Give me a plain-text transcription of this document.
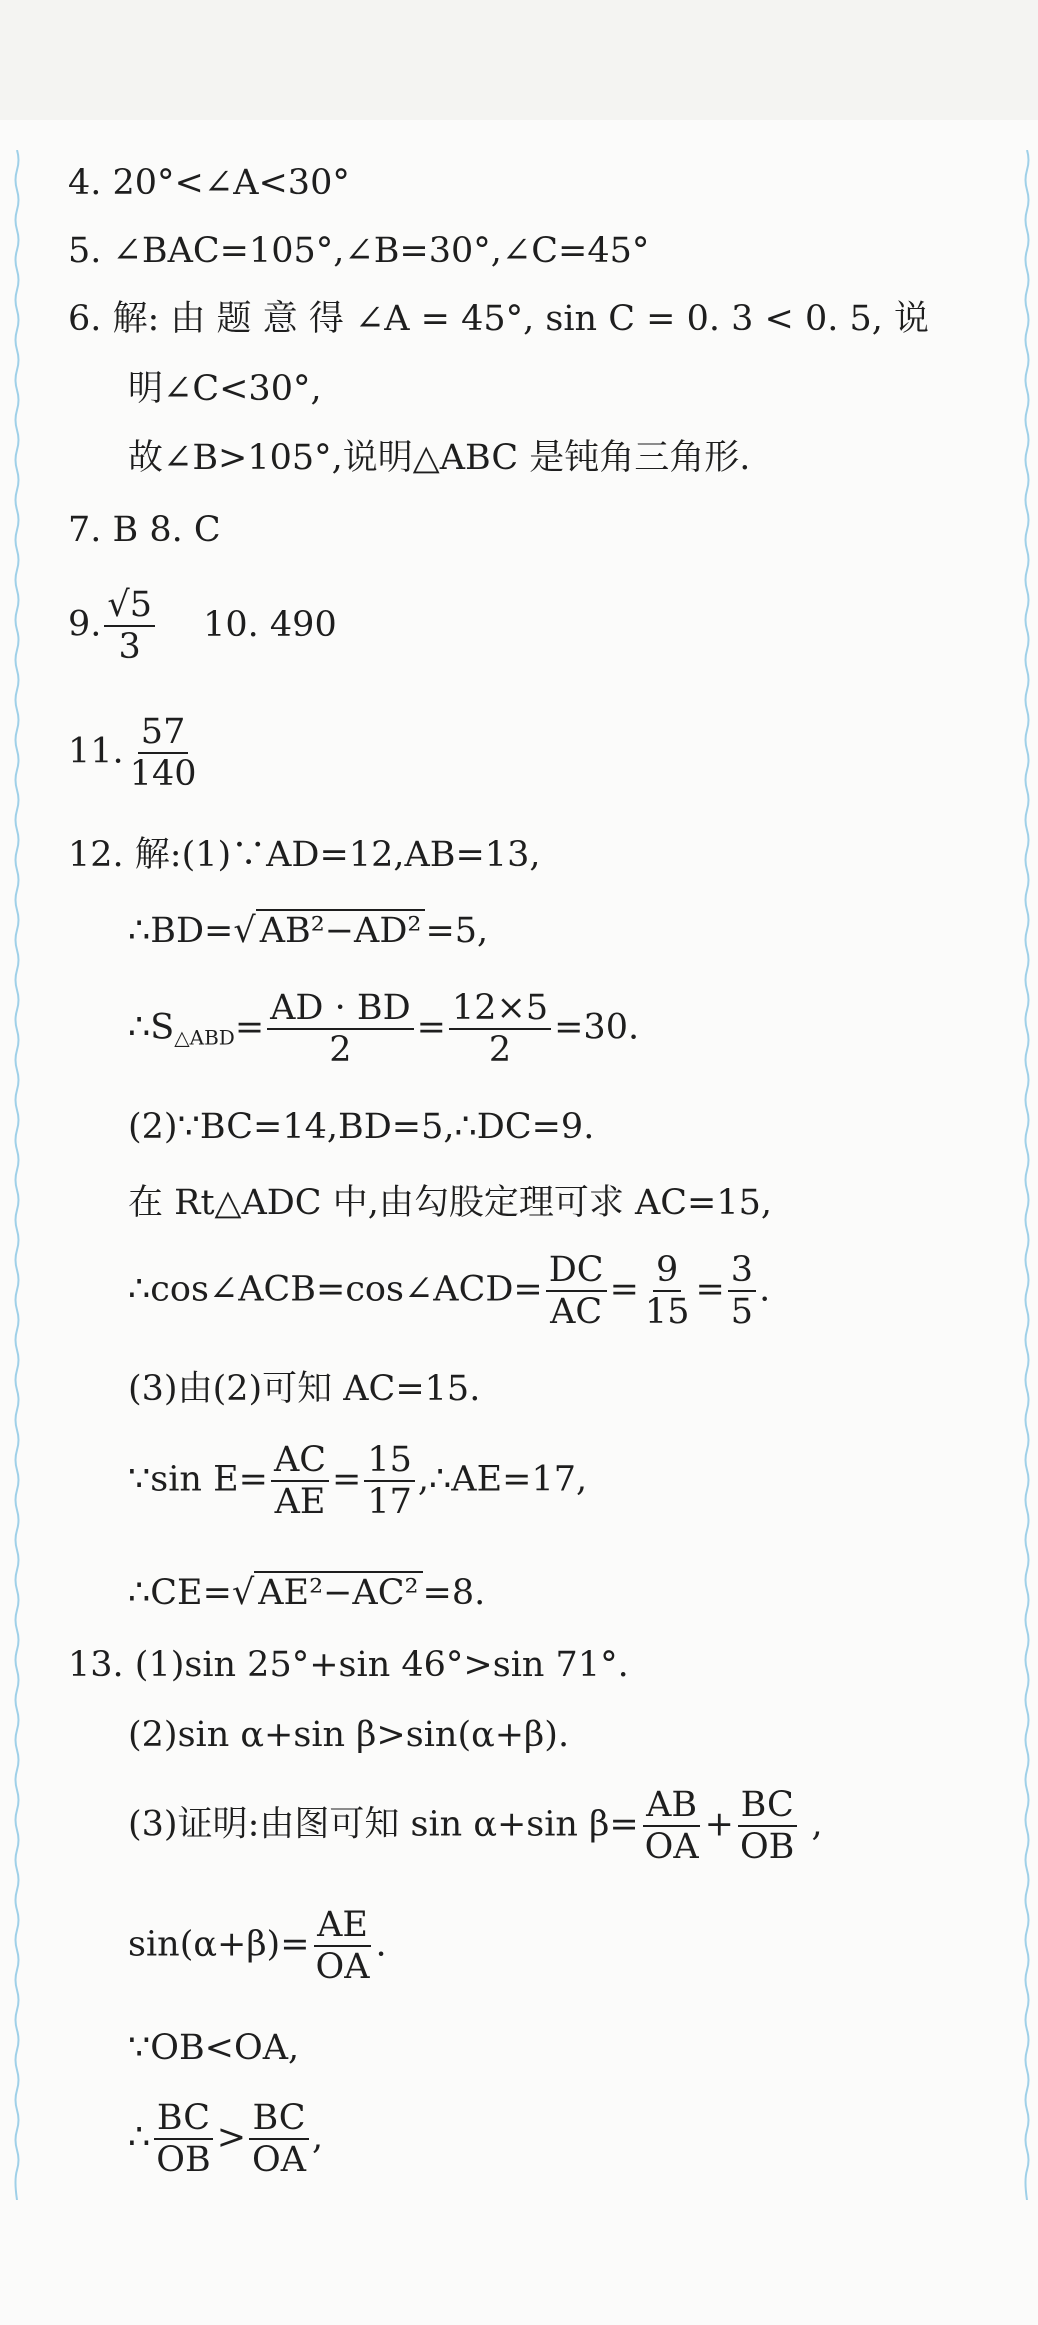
4. 20°<∠A<30°
5. ∠BAC=105°,∠B=30°,∠C=45°
6. 解: 由 题 意 得 ∠A = 45°, sin C = 0. 3 < 0. 5, 说
明∠C<30°,
故∠B>105°,说明△ABC 是钝角三角形.
7. B 8. C
9. $\frac{√5}{3} 10$. 490
11. $\frac{57}{140}$
12. 解:(1)∵AD=12,AB=13,
∴BD=√ AB²−AD² =5,
$\therefore S_{\triangle ABD}= \frac{AD \cdot BD}{2} = \frac{12\times 5}{2} =30$.
(2)∵BC=14,BD=5,∴DC=9.
在 Rt△ADC 中,由勾股定理可求 AC=15,
∴cos∠ACB=cos∠ACD= $\frac{DC}{AC} = \frac{9}{15} = \frac{3}{5}$ .
(3)由(2)可知 AC=15.
∵sin $E= \frac{AC}{AE} = \frac{15}{17}$ ,∴AE=17,
∴CE=√ AE²−AC² =8.
13. (1)sin 25°+sin 46°>sin 71°.
(2)sin α+sin β>sin(α+β).
(3)证明:由图可知 sin α+sin $\beta= \frac{AB}{OA} + \frac{BC}{OB}$ ,
$\sin(\alpha+\beta)= \frac{AE}{OA}$ .
∵OB<OA,
∴ $\frac{BC}{OB} > \frac{BC}{OA}$ ,
